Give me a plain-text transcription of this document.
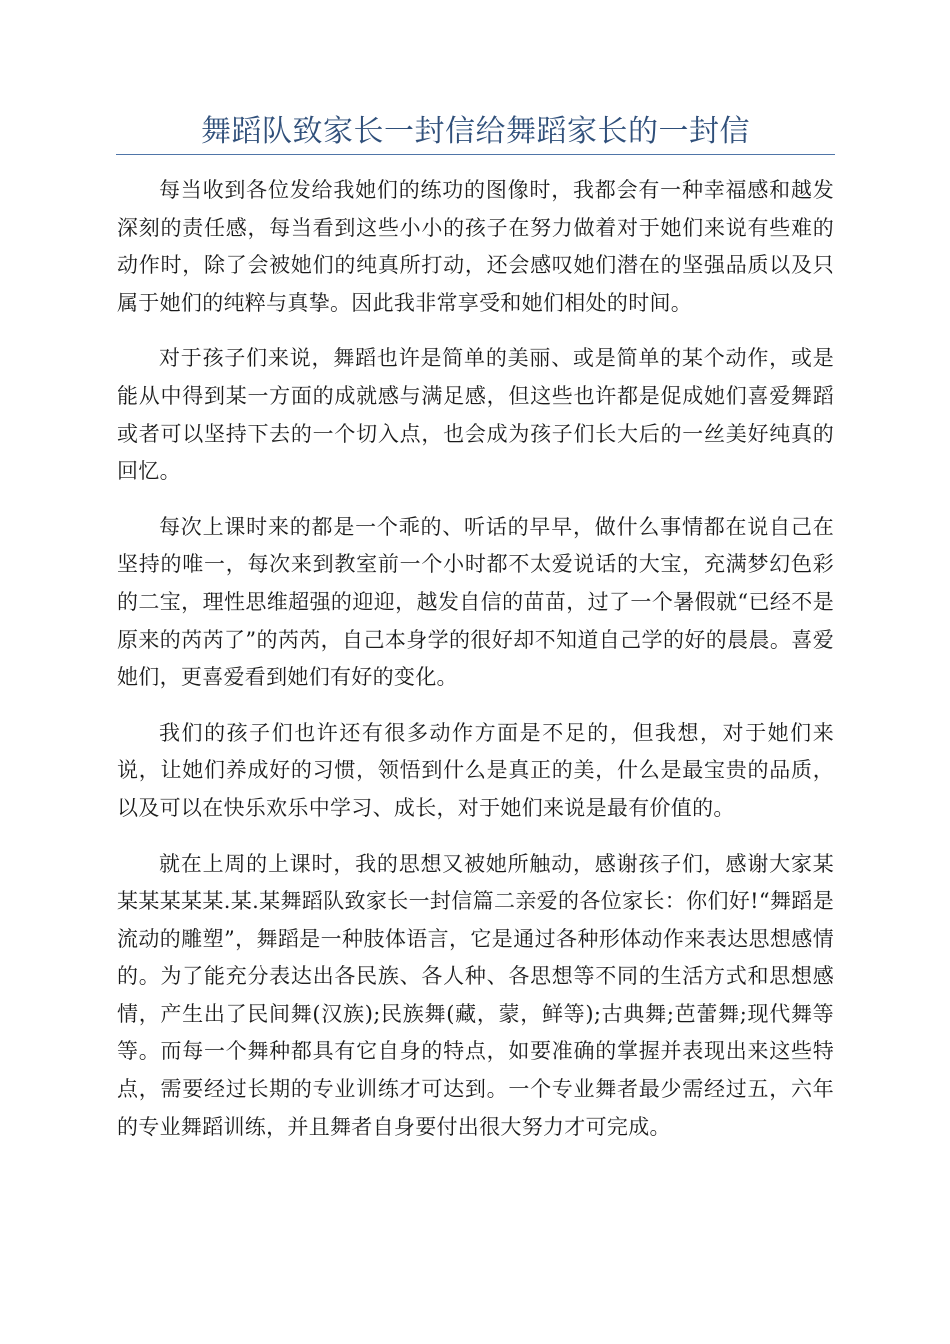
舞蹈队致家长一封信给舞蹈家长的一封信

每当收到各位发给我她们的练功的图像时，我都会有一种幸福感和越发深刻的责任感，每当看到这些小小的孩子在努力做着对于她们来说有些难的动作时，除了会被她们的纯真所打动，还会感叹她们潜在的坚强品质以及只属于她们的纯粹与真挚。因此我非常享受和她们相处的时间。

对于孩子们来说，舞蹈也许是简单的美丽、或是简单的某个动作，或是能从中得到某一方面的成就感与满足感，但这些也许都是促成她们喜爱舞蹈或者可以坚持下去的一个切入点，也会成为孩子们长大后的一丝美好纯真的回忆。

每次上课时来的都是一个乖的、听话的早早，做什么事情都在说自己在坚持的唯一，每次来到教室前一个小时都不太爱说话的大宝，充满梦幻色彩的二宝，理性思维超强的迎迎，越发自信的苗苗，过了一个暑假就“已经不是原来的芮芮了”的芮芮，自己本身学的很好却不知道自己学的好的晨晨。喜爱她们，更喜爱看到她们有好的变化。

我们的孩子们也许还有很多动作方面是不足的，但我想，对于她们来说，让她们养成好的习惯，领悟到什么是真正的美，什么是最宝贵的品质，以及可以在快乐欢乐中学习、成长，对于她们来说是最有价值的。

就在上周的上课时，我的思想又被她所触动，感谢孩子们，感谢大家某某某某某某.某.某舞蹈队致家长一封信篇二亲爱的各位家长：你们好!“舞蹈是流动的雕塑”，舞蹈是一种肢体语言，它是通过各种形体动作来表达思想感情的。为了能充分表达出各民族、各人种、各思想等不同的生活方式和思想感情，产生出了民间舞(汉族);民族舞(藏，蒙，鲜等);古典舞;芭蕾舞;现代舞等等。而每一个舞种都具有它自身的特点，如要准确的掌握并表现出来这些特点，需要经过长期的专业训练才可达到。一个专业舞者最少需经过五，六年的专业舞蹈训练，并且舞者自身要付出很大努力才可完成。
